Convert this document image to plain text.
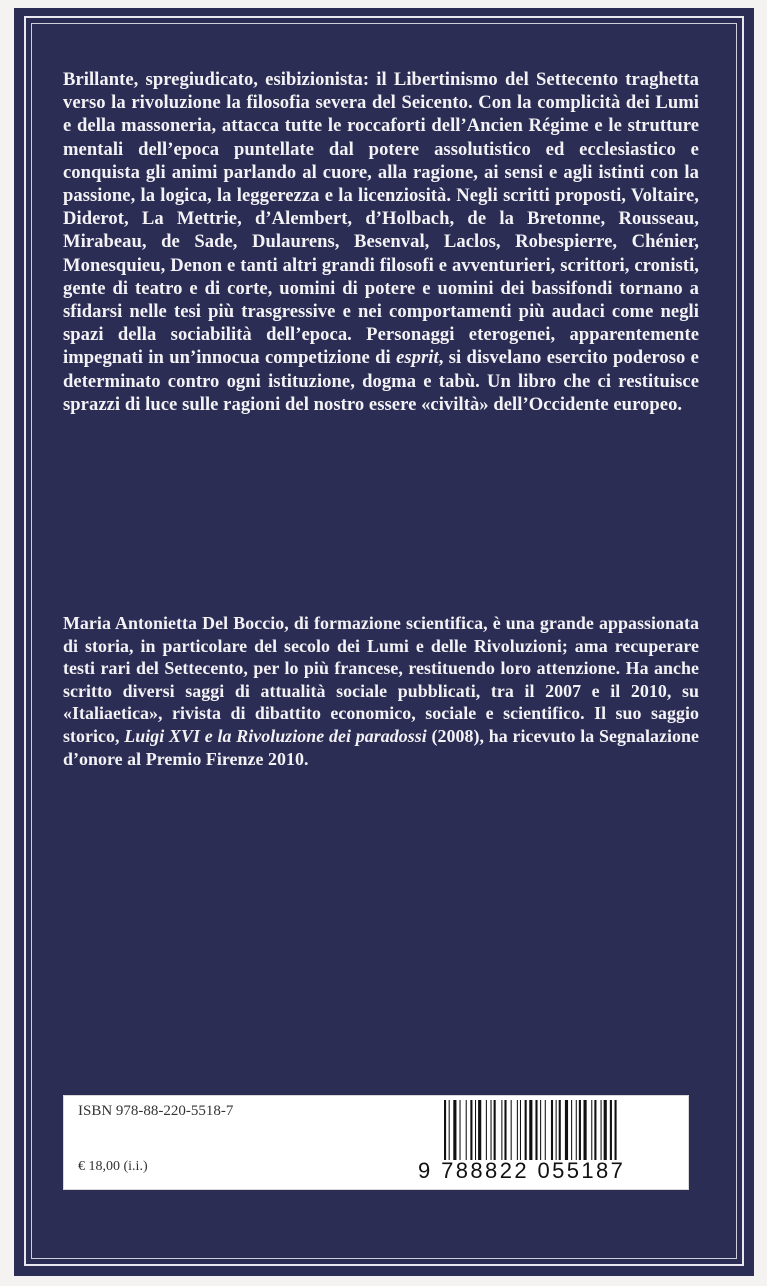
Brillante, spregiudicato, esibizionista: il Libertinismo del Settecento traghetta verso la rivoluzione la filosofia severa del Seicento. Con la complicità dei Lumi e della massoneria, attacca tutte le roccaforti dell’Ancien Régime e le strutture mentali dell’epoca puntellate dal potere assolutistico ed ecclesiastico e conquista gli animi parlando al cuore, alla ragione, ai sensi e agli istinti con la passione, la logica, la leggerezza e la licenziosità. Negli scritti proposti, Voltaire, Diderot, La Mettrie, d’Alembert, d’Holbach, de la Bretonne, Rousseau, Mirabeau, de Sade, Dulaurens, Besenval, Laclos, Robespierre, Chénier, Monesquieu, Denon e tanti altri grandi filosofi e avventurieri, scrittori, cronisti, gente di teatro e di corte, uomini di potere e uomini dei bassifondi tornano a sfidarsi nelle tesi più trasgressive e nei comportamenti più audaci come negli spazi della sociabilità dell’epoca. Personaggi eterogenei, apparentemente impegnati in un’innocua competizione di esprit, si disvelano esercito poderoso e determinato contro ogni istituzione, dogma e tabù. Un libro che ci restituisce sprazzi di luce sulle ragioni del nostro essere «civiltà» dell’Occidente europeo.
Maria Antonietta Del Boccio, di formazione scientifica, è una grande appassionata di storia, in particolare del secolo dei Lumi e delle Rivoluzioni; ama recuperare testi rari del Settecento, per lo più francese, restituendo loro attenzione. Ha anche scritto diversi saggi di attualità sociale pubblicati, tra il 2007 e il 2010, su «Italiaetica», rivista di dibattito economico, sociale e scientifico. Il suo saggio storico, Luigi XVI e la Rivoluzione dei paradossi (2008), ha ricevuto la Segnalazione d’onore al Premio Firenze 2010.
ISBN 978-88-220-5518-7
€ 18,00 (i.i.)	9 788822 055187
